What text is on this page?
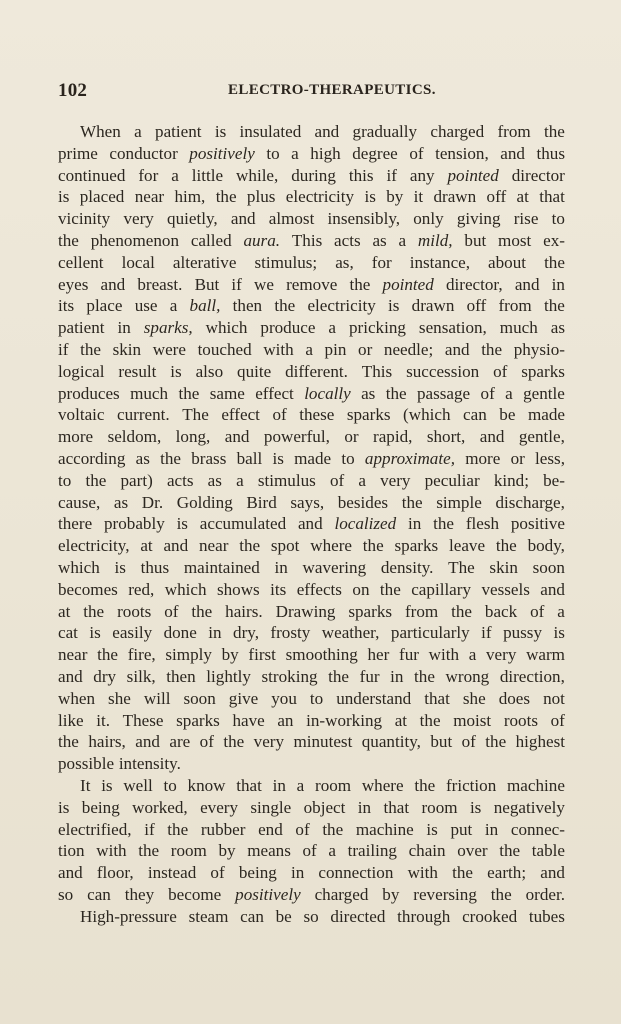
102	ELECTRO-THERAPEUTICS.
When a patient is insulated and gradually charged from the
prime conductor positively to a high degree of tension, and thus
continued for a little while, during this if any pointed director
is placed near him, the plus electricity is by it drawn off at that
vicinity very quietly, and almost insensibly, only giving rise to
the phenomenon called aura. This acts as a mild, but most ex-
cellent local alterative stimulus; as, for instance, about the
eyes and breast. But if we remove the pointed director, and in
its place use a ball, then the electricity is drawn off from the
patient in sparks, which produce a pricking sensation, much as
if the skin were touched with a pin or needle; and the physio-
logical result is also quite different. This succession of sparks
produces much the same effect locally as the passage of a gentle
voltaic current. The effect of these sparks (which can be made
more seldom, long, and powerful, or rapid, short, and gentle,
according as the brass ball is made to approximate, more or less,
to the part) acts as a stimulus of a very peculiar kind; be-
cause, as Dr. Golding Bird says, besides the simple discharge,
there probably is accumulated and localized in the flesh positive
electricity, at and near the spot where the sparks leave the body,
which is thus maintained in wavering density. The skin soon
becomes red, which shows its effects on the capillary vessels and
at the roots of the hairs. Drawing sparks from the back of a
cat is easily done in dry, frosty weather, particularly if pussy is
near the fire, simply by first smoothing her fur with a very warm
and dry silk, then lightly stroking the fur in the wrong direction,
when she will soon give you to understand that she does not
like it. These sparks have an in-working at the moist roots of
the hairs, and are of the very minutest quantity, but of the highest
possible intensity.
It is well to know that in a room where the friction machine
is being worked, every single object in that room is negatively
electrified, if the rubber end of the machine is put in connec-
tion with the room by means of a trailing chain over the table
and floor, instead of being in connection with the earth; and
so can they become positively charged by reversing the order.
High-pressure steam can be so directed through crooked tubes
